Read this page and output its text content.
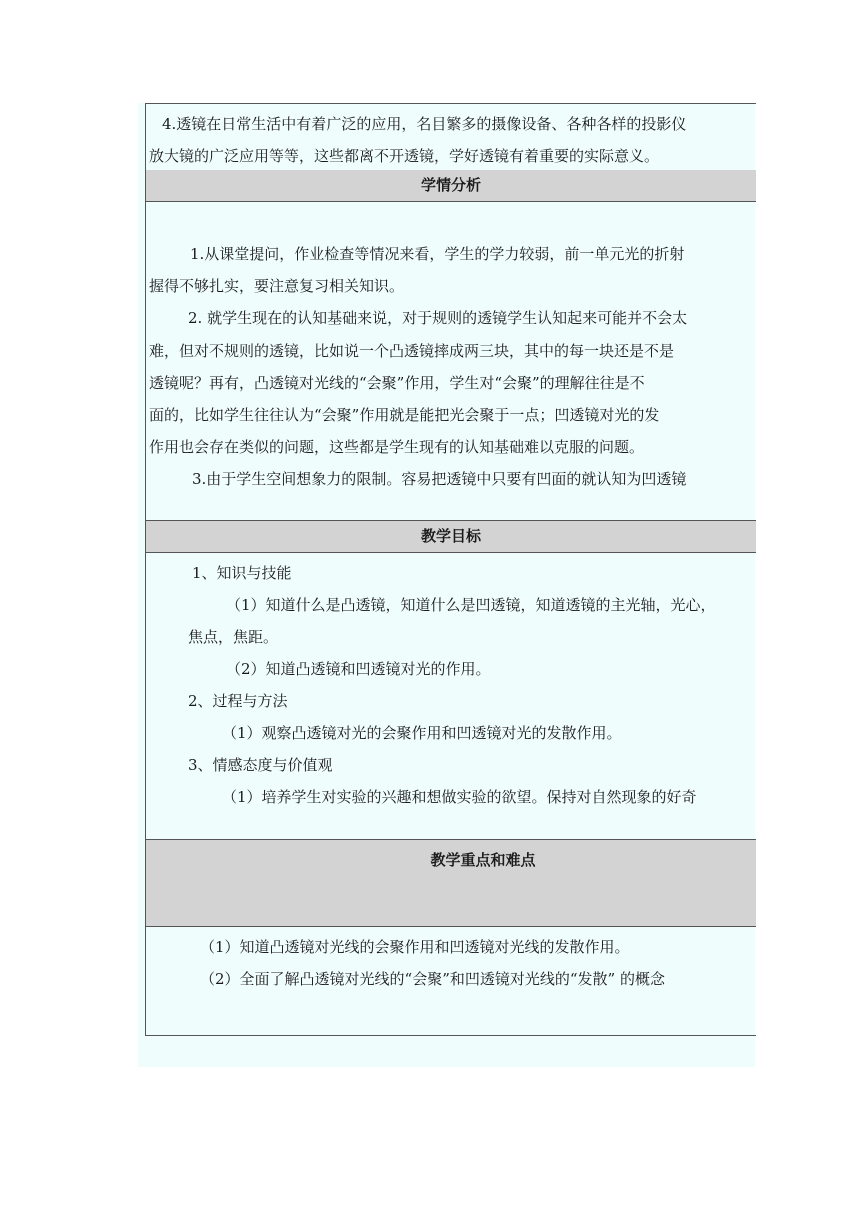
4.透镜在日常生活中有着广泛的应用，名目繁多的摄像设备、各种各样的投影仪
放大镜的广泛应用等等，这些都离不开透镜，学好透镜有着重要的实际意义。
学情分析
1.从课堂提问，作业检查等情况来看，学生的学力较弱，前一单元光的折射
握得不够扎实，要注意复习相关知识。
2. 就学生现在的认知基础来说，对于规则的透镜学生认知起来可能并不会太
难，但对不规则的透镜，比如说一个凸透镜摔成两三块，其中的每一块还是不是
透镜呢？再有，凸透镜对光线的“会聚”作用，学生对“会聚”的理解往往是不
面的，比如学生往往认为“会聚”作用就是能把光会聚于一点；凹透镜对光的发
作用也会存在类似的问题，这些都是学生现有的认知基础难以克服的问题。
3.由于学生空间想象力的限制。容易把透镜中只要有凹面的就认知为凹透镜
教学目标
1、知识与技能
（1）知道什么是凸透镜，知道什么是凹透镜，知道透镜的主光轴，光心，
焦点，焦距。
（2）知道凸透镜和凹透镜对光的作用。
2、过程与方法
（1）观察凸透镜对光的会聚作用和凹透镜对光的发散作用。
3、情感态度与价值观
（1）培养学生对实验的兴趣和想做实验的欲望。保持对自然现象的好奇
教学重点和难点
（1）知道凸透镜对光线的会聚作用和凹透镜对光线的发散作用。
（2）全面了解凸透镜对光线的“会聚”和凹透镜对光线的“发散” 的概念
